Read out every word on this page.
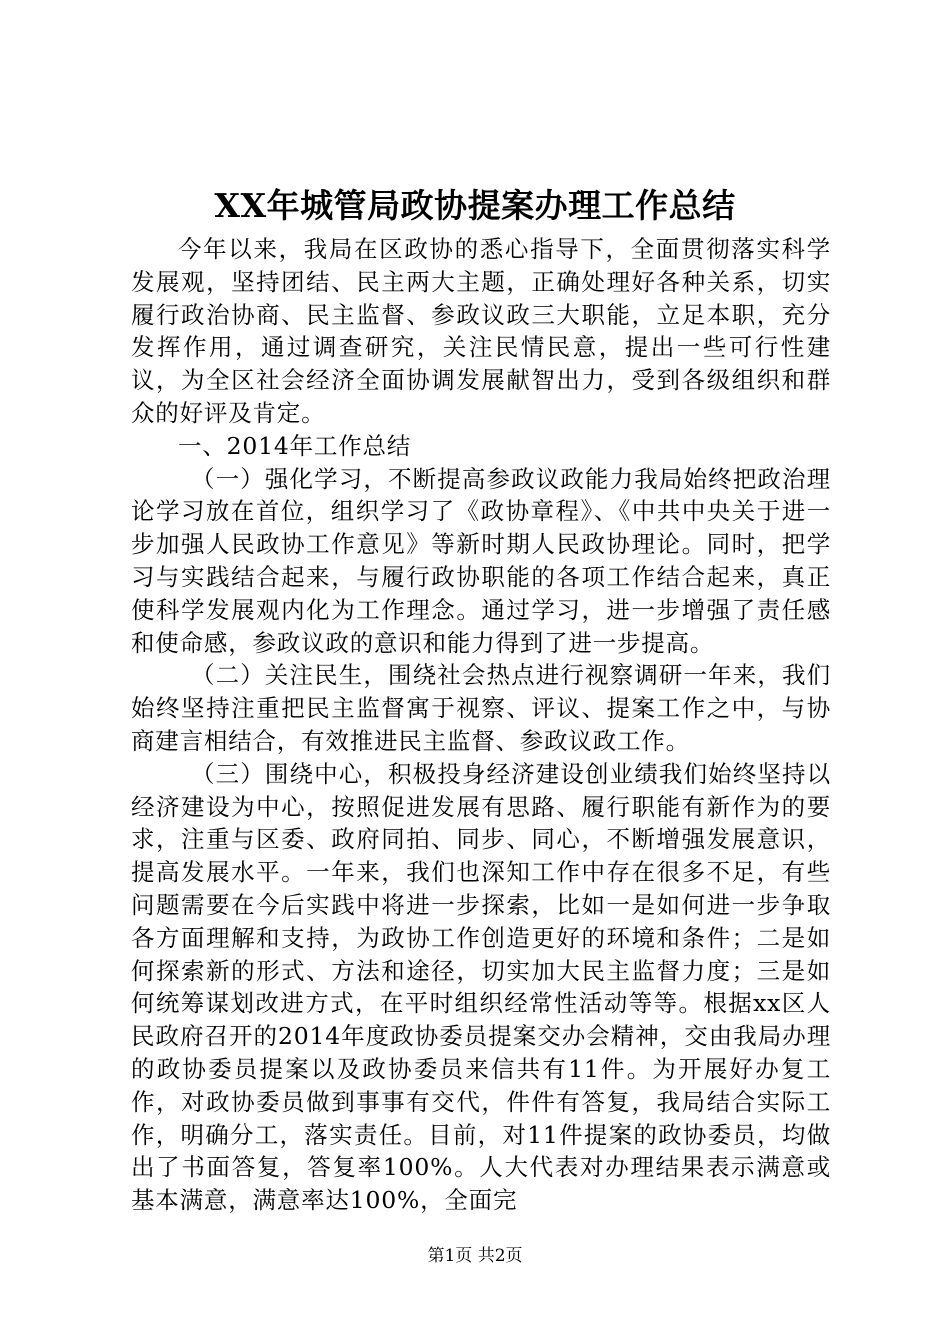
XX年城管局政协提案办理工作总结

今年以来，我局在区政协的悉心指导下，全面贯彻落实科学发展观，坚持团结、民主两大主题，正确处理好各种关系，切实履行政治协商、民主监督、参政议政三大职能，立足本职，充分发挥作用，通过调查研究，关注民情民意，提出一些可行性建议，为全区社会经济全面协调发展献智出力，受到各级组织和群众的好评及肯定。

一、2014年工作总结

（一）强化学习，不断提高参政议政能力我局始终把政治理论学习放在首位，组织学习了《政协章程》、《中共中央关于进一步加强人民政协工作意见》等新时期人民政协理论。同时，把学习与实践结合起来，与履行政协职能的各项工作结合起来，真正使科学发展观内化为工作理念。通过学习，进一步增强了责任感和使命感，参政议政的意识和能力得到了进一步提高。

（二）关注民生，围绕社会热点进行视察调研一年来，我们始终坚持注重把民主监督寓于视察、评议、提案工作之中，与协商建言相结合，有效推进民主监督、参政议政工作。

（三）围绕中心，积极投身经济建设创业绩我们始终坚持以经济建设为中心，按照促进发展有思路、履行职能有新作为的要求，注重与区委、政府同拍、同步、同心，不断增强发展意识，提高发展水平。一年来，我们也深知工作中存在很多不足，有些问题需要在今后实践中将进一步探索，比如一是如何进一步争取各方面理解和支持，为政协工作创造更好的环境和条件；二是如何探索新的形式、方法和途径，切实加大民主监督力度；三是如何统筹谋划改进方式，在平时组织经常性活动等等。根据xx区人民政府召开的2014年度政协委员提案交办会精神，交由我局办理的政协委员提案以及政协委员来信共有11件。为开展好办复工作，对政协委员做到事事有交代，件件有答复，我局结合实际工作，明确分工，落实责任。目前，对11件提案的政协委员，均做出了书面答复，答复率100%。人大代表对办理结果表示满意或基本满意，满意率达100%，全面完

第1页 共2页
